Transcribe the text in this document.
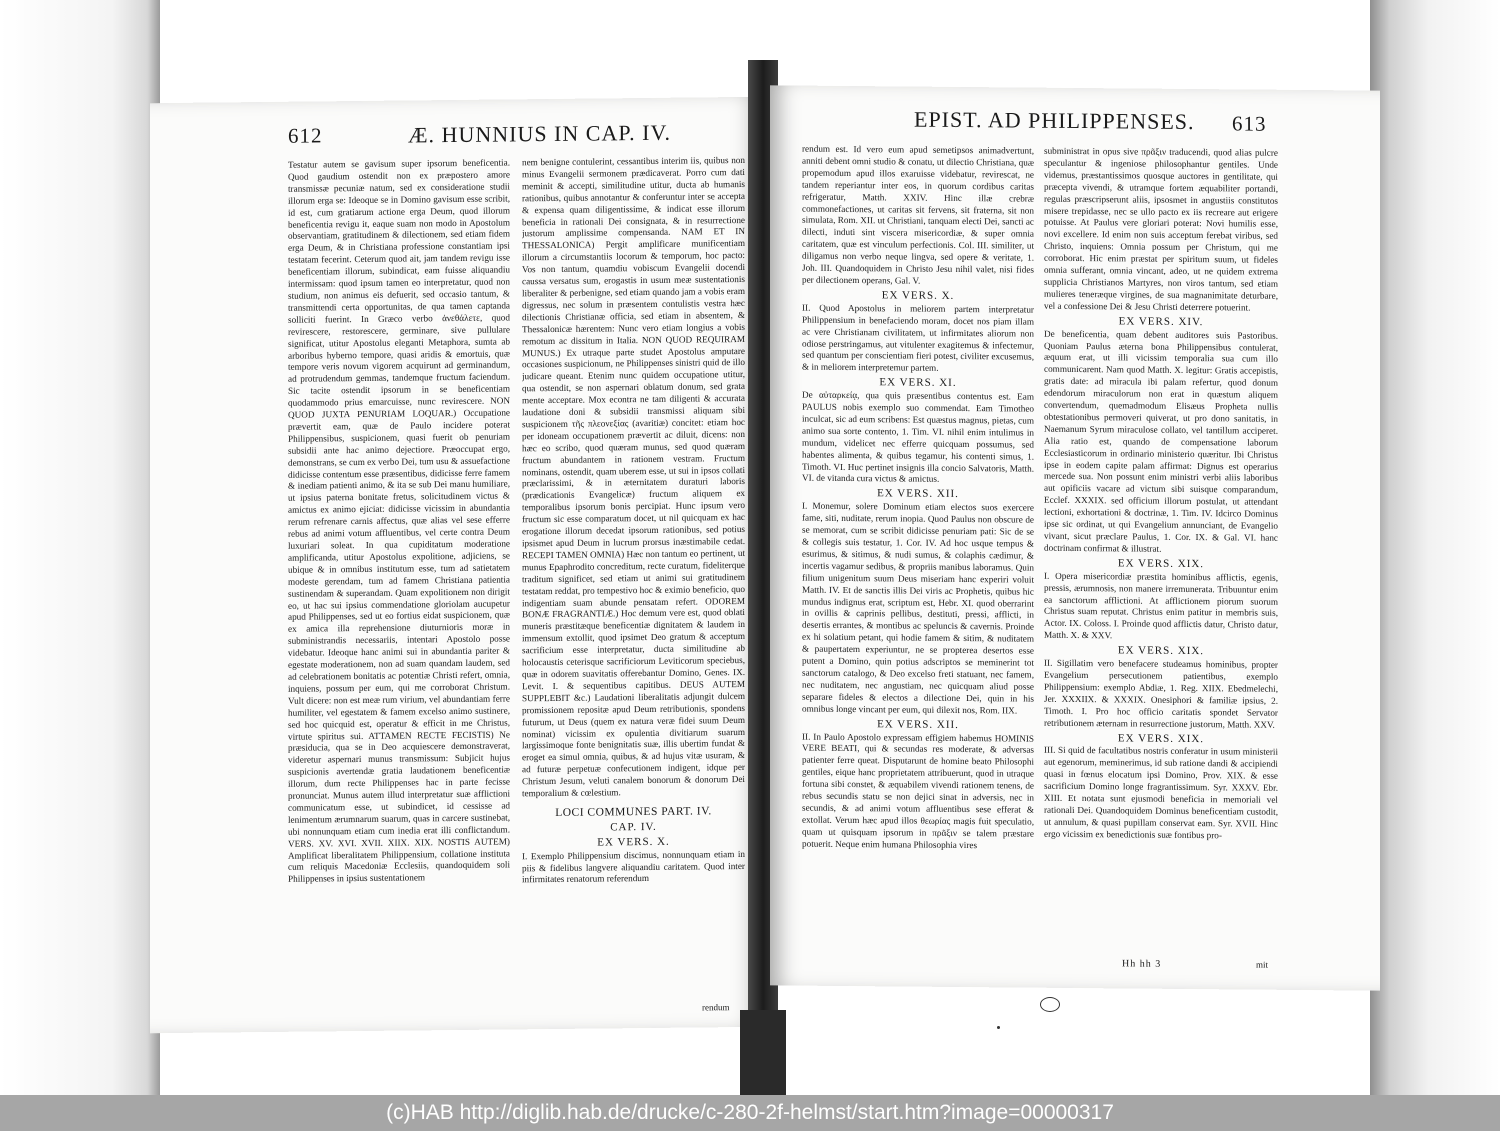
612	Æ. HUNNIUS IN CAP. IV.

Testatur autem se gavisum super ipsorum beneficentia. Quod gaudium ostendit non ex præpostero amore transmissæ pecuniæ natum, sed ex consideratione studii illorum erga se: Ideoque se in Domino gavisum esse scribit, id est, cum gratiarum actione erga Deum, quod illorum beneficentia revigu it, eaque suam non modo in Apostolum observantiam, gratitudinem & dilectionem, sed etiam fidem erga Deum, & in Christiana professione constantiam ipsi testatam fecerint. Ceterum quod ait, jam tandem revigu isse beneficentiam illorum, subindicat, eam fuisse aliquandiu intermissam: quod ipsum tamen eo interpretatur, quod non studium, non animus eis defuerit, sed occasio tantum, & transmittendi certa opportunitas, de qua tamen captanda solliciti fuerint. In Græco verbo ἀνεθάλετε, quod revirescere, restorescere, germinare, sive pullulare significat, utitur Apostolus eleganti Metaphora, sumta ab arboribus hyberno tempore, quasi aridis & emortuis, quæ tempore veris novum vigorem acquirunt ad germinandum, ad protrudendum gemmas, tandemque fructum faciendum. Sic tacite ostendit ipsorum in se beneficentiam quodammodo prius emarcuisse, nunc revirescere. NON QUOD JUXTA PENURIAM LOQUAR.) Occupatione prævertit eam, quæ de Paulo incidere poterat Philippensibus, suspicionem, quasi fuerit ob penuriam subsidii ante hac animo dejectiore. Præoccupat ergo, demonstrans, se cum ex verbo Dei, tum usu & assuefactione didicisse contentum esse præsentibus, didicisse ferre famem & inediam patienti animo, & ita se sub Dei manu humiliare, ut ipsius paterna bonitate fretus, solicitudinem victus & amictus ex animo ejiciat: didicisse vicissim in abundantia rerum refrenare carnis affectus, quæ alias vel sese efferre rebus ad animi votum affluentibus, vel certe contra Deum luxuriari soleat. In qua cupiditatum moderatione amplificanda, utitur Apostolus expolitione, adjiciens, se ubique & in omnibus institutum esse, tum ad satietatem modeste gerendam, tum ad famem Christiana patientia sustinendam & superandam. Quam expolitionem non dirigit eo, ut hac sui ipsius commendatione gloriolam aucupetur apud Philippenses, sed ut eo fortius eidat suspicionem, quæ ex amica illa reprehensione diuturnioris moræ in subministrandis necessariis, intentari Apostolo posse videbatur. Ideoque hanc animi sui in abundantia pariter & egestate moderationem, non ad suam quandam laudem, sed ad celebrationem bonitatis ac potentiæ Christi refert, omnia, inquiens, possum per eum, qui me corroborat Christum. Vult dicere: non est meæ rum virium, vel abundantiam ferre humiliter, vel egestatem & famem excelso animo sustinere, sed hoc quicquid est, operatur & efficit in me Christus, virtute spiritus sui. ATTAMEN RECTE FECISTIS) Ne præsiducia, qua se in Deo acquiescere demonstraverat, videretur aspernari munus transmissum: Subjicit hujus suspicionis avertendæ gratia laudationem beneficentiæ illorum, dum recte Philippenses hac in parte fecisse pronunciat. Munus autem illud interpretatur suæ afflictioni communicatum esse, ut subindicet, id cessisse ad lenimentum ærumnarum suarum, quas in carcere sustinebat, ubi nonnunquam etiam cum inedia erat illi conflictandum. VERS. XV. XVI. XVII. XIIX. XIX. NOSTIS AUTEM) Amplificat liberalitatem Philippensium, collatione instituta cum reliquis Macedoniæ Ecclesiis, quandoquidem soli Philippenses in ipsius sustentationem

nem benigne contulerint, cessantibus interim iis, quibus non minus Evangelii sermonem prædicaverat. Porro cum dati meminit & accepti, similitudine utitur, ducta ab humanis rationibus, quibus annotantur & conferuntur inter se accepta & expensa quam diligentissime, & indicat esse illorum beneficia in rationali Dei consignata, & in resurrectione justorum amplissime compensanda. NAM ET IN THESSALONICA) Pergit amplificare munificentiam illorum a circumstantiis locorum & temporum, hoc pacto: Vos non tantum, quamdiu vobiscum Evangelii docendi caussa versatus sum, erogastis in usum meæ sustentationis liberaliter & perbenigne, sed etiam quando jam a vobis eram digressus, nec solum in præsentem contulistis vestra hæc dilectionis Christianæ officia, sed etiam in absentem, & Thessalonicæ hærentem: Nunc vero etiam longius a vobis remotum ac dissitum in Italia. NON QUOD REQUIRAM MUNUS.) Ex utraque parte studet Apostolus amputare occasiones suspicionum, ne Philippenses sinistri quid de illo judicare queant. Etenim nunc quidem occupatione utitur, qua ostendit, se non aspernari oblatum donum, sed grata mente acceptare. Mox econtra ne tam diligenti & accurata laudatione doni & subsidii transmissi aliquam sibi suspicionem τῆς πλεονεξίας (avaritiæ) concitet: etiam hoc per idoneam occupationem prævertit ac diluit, dicens: non hæc eo scribo, quod quæram munus, sed quod quæram fructum abundantem in rationem vestram. Fructum nominans, ostendit, quam uberem esse, ut sui in ipsos collati præclarissimi, & in æternitatem duraturi laboris (prædicationis Evangelicæ) fructum aliquem ex temporalibus ipsorum bonis percipiat. Hunc ipsum vero fructum sic esse comparatum docet, ut nil quicquam ex hac erogatione illorum decedat ipsorum rationibus, sed potius ipsismet apud Deum in lucrum prorsus inæstimabile cedat. RECEPI TAMEN OMNIA) Hæc non tantum eo pertinent, ut munus Epaphrodito concreditum, recte curatum, fideliterque traditum significet, sed etiam ut animi sui gratitudinem testatam reddat, pro tempestivo hoc & eximio beneficio, quo indigentiam suam abunde pensatam refert. ODOREM BONÆ FRAGRANTIÆ.) Hoc demum vere est, quod oblati muneris præstitæque beneficentiæ dignitatem & laudem in immensum extollit, quod ipsimet Deo gratum & acceptum sacrificium esse interpretatur, ducta similitudine ab holocaustis ceterisque sacrificiorum Leviticorum speciebus, quæ in odorem suavitatis offerebantur Domino, Genes. IX. Levit. I. & sequentibus capitibus. DEUS AUTEM SUPPLEBIT &c.) Laudationi liberalitatis adjungit dulcem promissionem repositæ apud Deum retributionis, spondens futurum, ut Deus (quem ex natura veræ fidei suum Deum nominat) vicissim ex opulentia divitiarum suarum largissimoque fonte benignitatis suæ, illis ubertim fundat & eroget ea simul omnia, quibus, & ad hujus vitæ usuram, & ad futuræ perpetuæ confecutionem indigent, idque per Christum Jesum, veluti canalem bonorum & donorum Dei temporalium & cœlestium.

LOCI COMMUNES PART. IV.
CAP. IV.
EX VERS. X.

I. Exemplo Philippensium discimus, nonnunquam etiam in piis & fidelibus langvere aliquandiu caritatem. Quod inter infirmitates renatorum referendum

rendum
EPIST. AD PHILIPPENSES. 613

rendum est. Id vero eum apud semetipsos animadvertunt, anniti debent omni studio & conatu, ut dilectio Christiana, quæ propemodum apud illos exaruisse videbatur, revirescat, ne tandem reperiantur inter eos, in quorum cordibus caritas refrigeratur, Matth. XXIV. Hinc illæ crebræ commonefactiones, ut caritas sit fervens, sit fraterna, sit non simulata, Rom. XII. ut Christiani, tanquam electi Dei, sancti ac dilecti, induti sint viscera misericordiæ, & super omnia caritatem, quæ est vinculum perfectionis. Col. III. similiter, ut diligamus non verbo neque lingva, sed opere & veritate, 1. Joh. III. Quandoquidem in Christo Jesu nihil valet, nisi fides per dilectionem operans, Gal. V.

EX VERS. X.

II. Quod Apostolus in meliorem partem interpretatur Philippensium in benefaciendo moram, docet nos piam illam ac vere Christianam civilitatem, ut infirmitates aliorum non odiose perstringamus, aut vitulenter exagitemus & infectemur, sed quantum per conscientiam fieri potest, civiliter excusemus, & in meliorem interpretemur partem.

EX VERS. XI.

De αὐταρκείᾳ, qua quis præsentibus contentus est. Eam PAULUS nobis exemplo suo commendat. Eam Timotheo inculcat, sic ad eum scribens: Est quæstus magnus, pietas, cum animo sua sorte contento, 1. Tim. VI. nihil enim intulimus in mundum, videlicet nec efferre quicquam possumus, sed habentes alimenta, & quibus tegamur, his contenti simus, 1. Timoth. VI. Huc pertinet insignis illa concio Salvatoris, Matth. VI. de vitanda cura victus & amictus.

EX VERS. XII.

I. Monemur, solere Dominum etiam electos suos exercere fame, siti, nuditate, rerum inopia. Quod Paulus non obscure de se memorat, cum se scribit didicisse penuriam pati: Sic de se & collegis suis testatur, 1. Cor. IV. Ad hoc usque tempus & esurimus, & sitimus, & nudi sumus, & colaphis cædimur, & incertis vagamur sedibus, & propriis manibus laboramus. Quin filium unigenitum suum Deus miseriam hanc experiri voluit Matth. IV. Et de sanctis illis Dei viris ac Prophetis, quibus hic mundus indignus erat, scriptum est, Hebr. XI. quod oberrarint in ovillis & caprinis pellibus, destituti, pressi, afflicti, in desertis errantes, & montibus ac speluncis & cavernis. Proinde ex hi solatium petant, qui hodie famem & sitim, & nuditatem & paupertatem experiuntur, ne se propterea desertos esse putent a Domino, quin potius adscriptos se meminerint tot sanctorum catalogo, & Deo excelso freti statuant, nec famem, nec nuditatem, nec angustiam, nec quicquam aliud posse separare fideles & electos a dilectione Dei, quin in his omnibus longe vincant per eum, qui dilexit nos, Rom. IIX.

EX VERS. XII.

II. In Paulo Apostolo expressam effigiem habemus HOMINIS VERE BEATI, qui & secundas res moderate, & adversas patienter ferre queat. Disputarunt de homine beato Philosophi gentiles, eique hanc proprietatem attribuerunt, quod in utraque fortuna sibi constet, & æquabilem vivendi rationem tenens, de rebus secundis statu se non dejici sinat in adversis, nec in secundis, & ad animi votum affluentibus sese efferat & extollat. Verum hæc apud illos θεωρίας magis fuit speculatio, quam ut quisquam ipsorum in πρᾶξιν se talem præstare potuerit. Neque enim humana Philosophia vires

subministrat in opus sive πρᾶξιν traducendi, quod alias pulcre speculantur & ingeniose philosophantur gentiles. Unde videmus, præstantissimos quosque auctores in gentilitate, qui præcepta vivendi, & utramque fortem æquabiliter portandi, regulas præscripserunt aliis, ipsosmet in angustiis constitutos misere trepidasse, nec se ullo pacto ex iis recreare aut erigere potuisse. At Paulus vere gloriari poterat: Novi humilis esse, novi excellere. Id enim non suis acceptum ferebat viribus, sed Christo, inquiens: Omnia possum per Christum, qui me corroborat. Hic enim præstat per spiritum suum, ut fideles omnia sufferant, omnia vincant, adeo, ut ne quidem extrema supplicia Christianos Martyres, non viros tantum, sed etiam mulieres teneræque virgines, de sua magnanimitate deturbare, vel a confessione Dei & Jesu Christi deterrere potuerint.

EX VERS. XIV.

De beneficentia, quam debent auditores suis Pastoribus. Quoniam Paulus æterna bona Philippensibus contulerat, æquum erat, ut illi vicissim temporalia sua cum illo communicarent. Nam quod Matth. X. legitur: Gratis accepistis, gratis date: ad miracula ibi palam refertur, quod donum edendorum miraculorum non erat in quæstum aliquem convertendum, quemadmodum Elisæus Propheta nullis obtestationibus permoveri quiverat, ut pro dono sanitatis, in Naemanum Syrum miraculose collato, vel tantillum acciperet. Alia ratio est, quando de compensatione laborum Ecclesiasticorum in ordinario ministerio quæritur. Ibi Christus ipse in eodem capite palam affirmat: Dignus est operarius mercede sua. Non possunt enim ministri verbi aliis laboribus aut opificiis vacare ad victum sibi suisque comparandum, Ecclef. XXXIX. sed officium illorum postulat, ut attendant lectioni, exhortationi & doctrinæ, 1. Tim. IV. Idcirco Dominus ipse sic ordinat, ut qui Evangelium annunciant, de Evangelio vivant, sicut præclare Paulus, 1. Cor. IX. & Gal. VI. hanc doctrinam confirmat & illustrat.

EX VERS. XIX.

I. Opera misericordiæ præstita hominibus afflictis, egenis, pressis, ærumnosis, non manere irremunerata. Tribuuntur enim ea sanctorum afflictioni. At afflictionem piorum suorum Christus suam reputat. Christus enim patitur in membris suis, Actor. IX. Coloss. I. Proinde quod afflictis datur, Christo datur, Matth. X. & XXV.

EX VERS. XIX.

II. Sigillatim vero benefacere studeamus hominibus, propter Evangelium persecutionem patientibus, exemplo Philippensium: exemplo Abdiæ, 1. Reg. XIIX. Ebedmelechi, Jer. XXXIIX. & XXXIX. Onesiphori & familiæ ipsius, 2. Timoth. I. Pro hoc officio caritatis spondet Servator retributionem æternam in resurrectione justorum, Matth. XXV.

EX VERS. XIX.

III. Si quid de facultatibus nostris conferatur in usum ministerii aut egenorum, meminerimus, id sub ratione dandi & accipiendi quasi in fœnus elocatum ipsi Domino, Prov. XIX. & esse sacrificium Domino longe fragrantissimum. Syr. XXXV. Ebr. XIII. Et notata sunt ejusmodi beneficia in memoriali vel rationali Dei. Quandoquidem Dominus beneficentiam custodit, ut annulum, & quasi pupillam conservat eam. Syr. XVII. Hinc ergo vicissim ex benedictionis suæ fontibus pro-

Hh hh 3	mit
(c)HAB http://diglib.hab.de/drucke/c-280-2f-helmst/start.htm?image=00000317
